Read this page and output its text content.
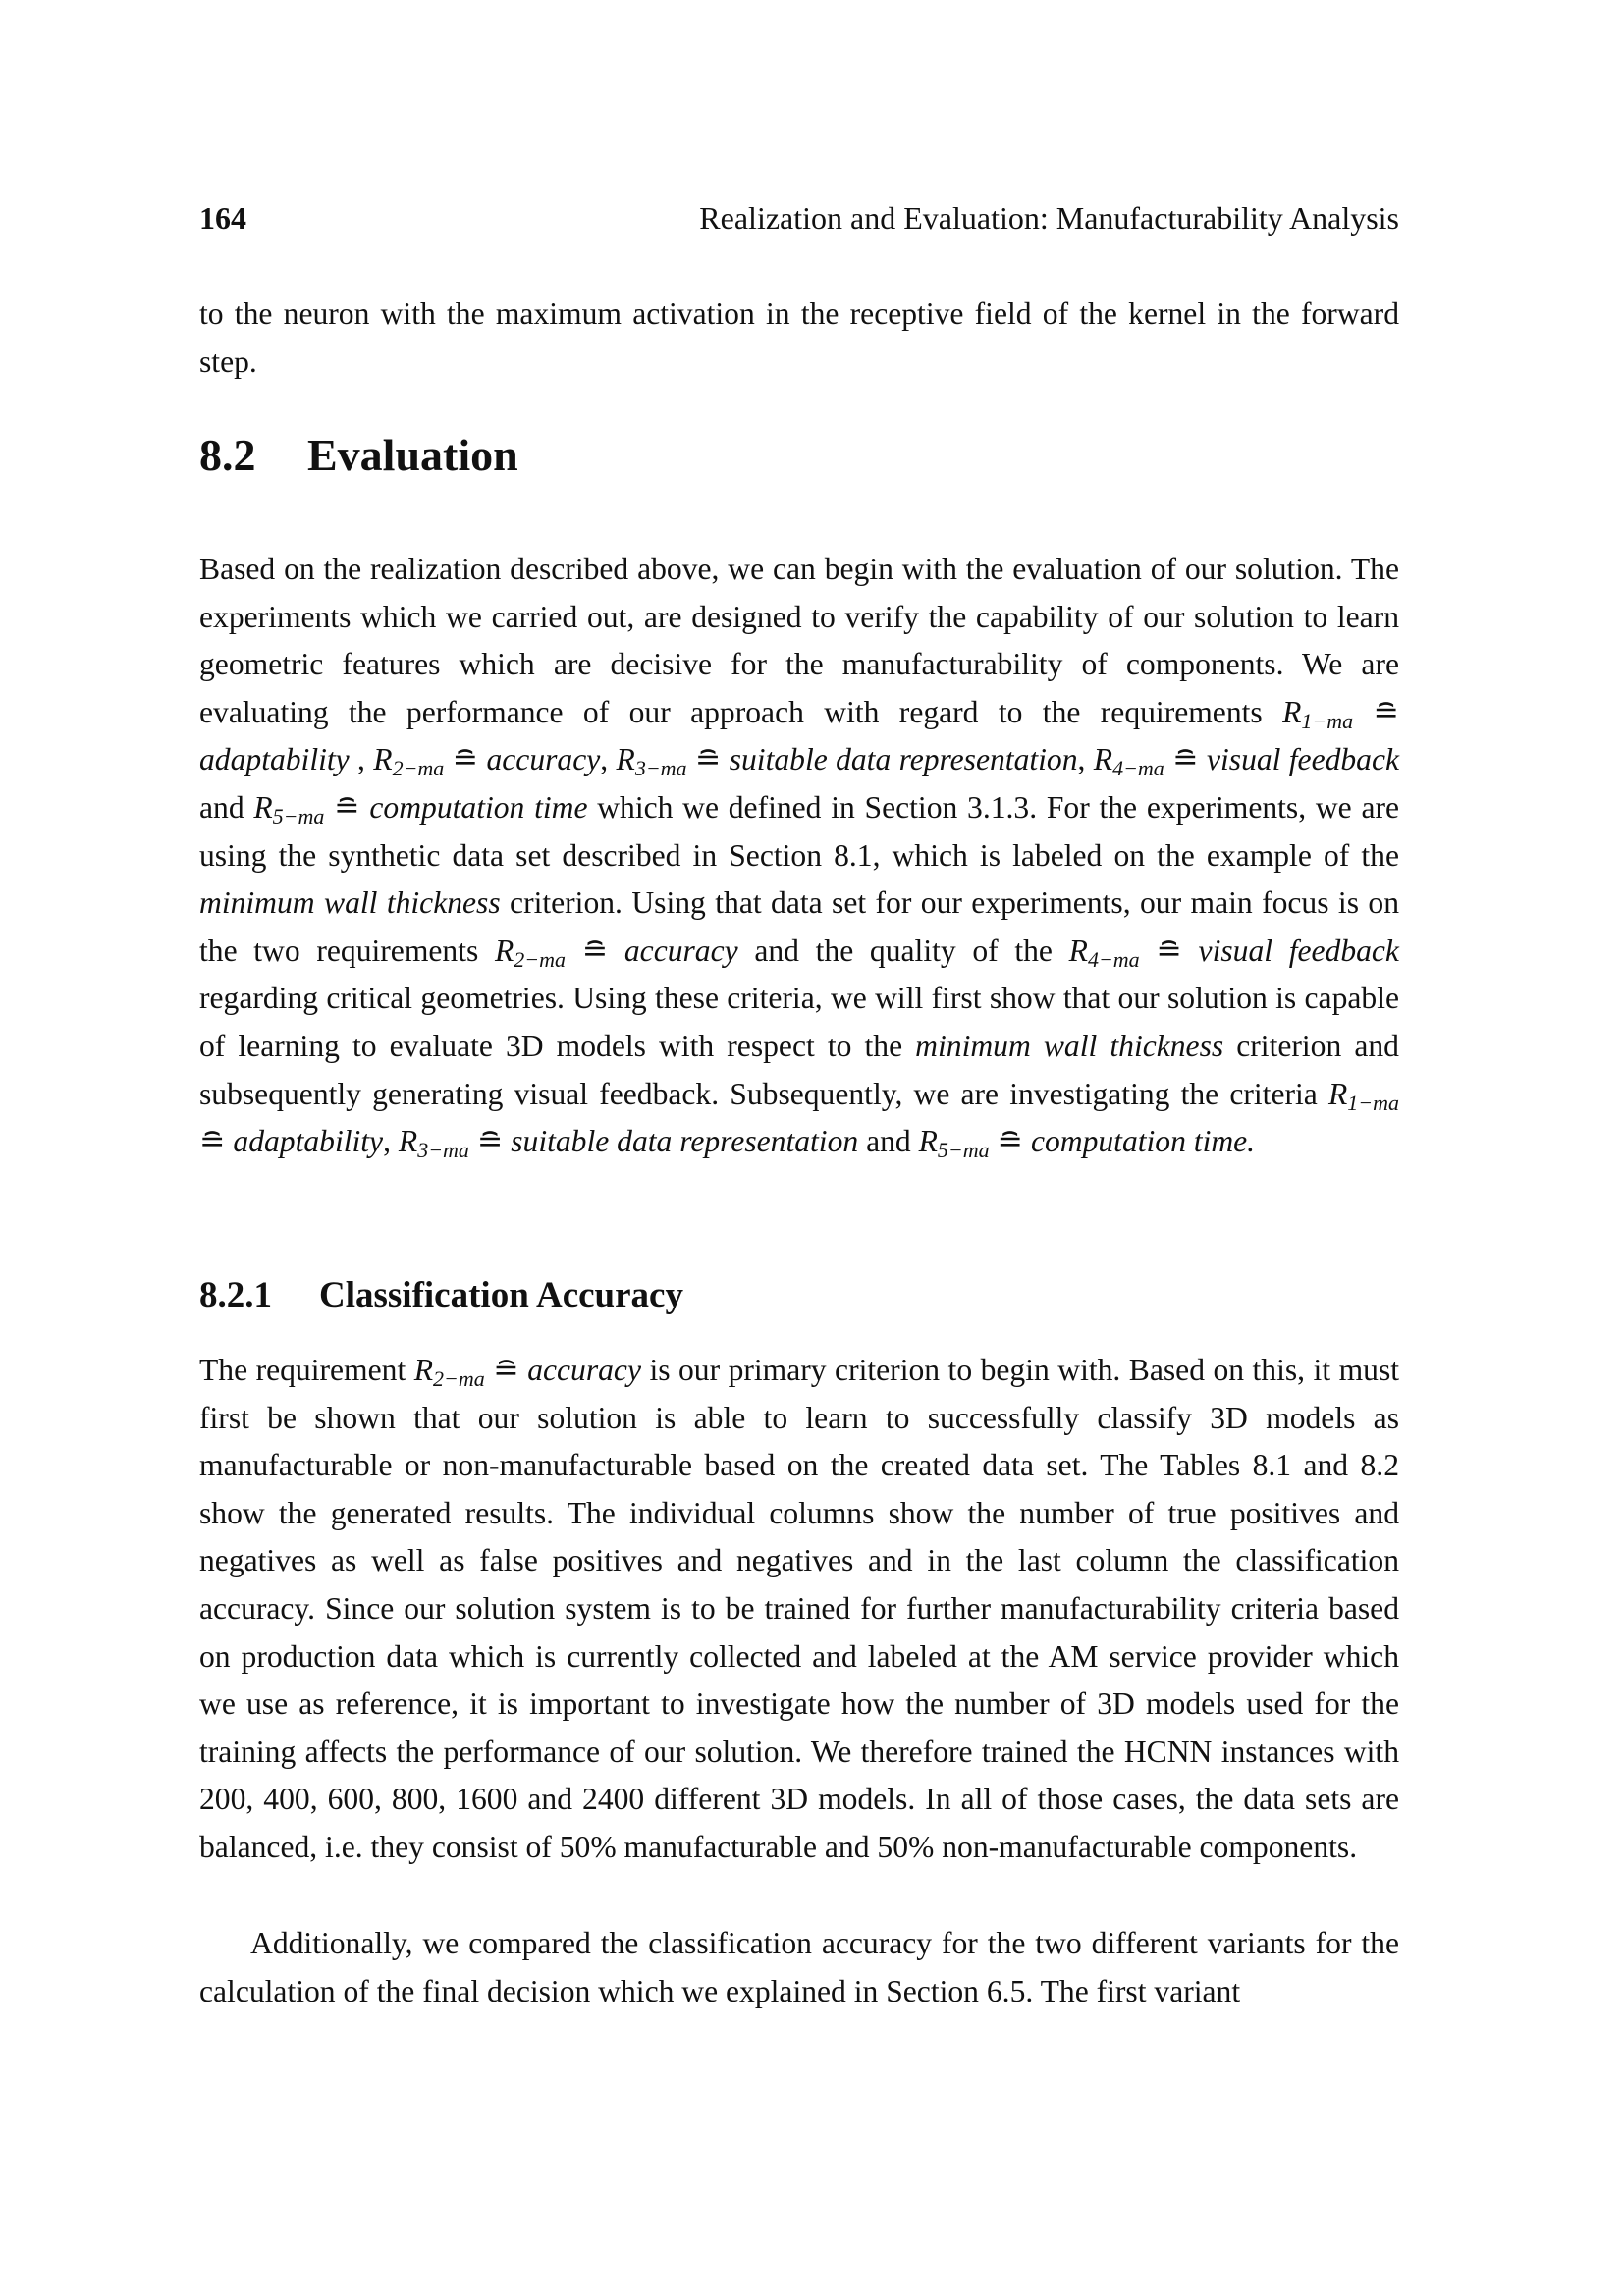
164	Realization and Evaluation: Manufacturability Analysis

to the neuron with the maximum activation in the receptive field of the kernel in the forward step.

8.2 Evaluation

Based on the realization described above, we can begin with the evaluation of our solution. The experiments which we carried out, are designed to verify the capability of our solution to learn geometric features which are decisive for the manufacturability of components. We are evaluating the performance of our approach with regard to the requirements $R_{1-ma}$ ≘ adaptability , $R_{2-ma}$ ≘ accuracy, $R_{3-ma}$ ≘ suitable data representation, $R_{4-ma}$ ≘ visual feedback and $R_{5-ma}$ ≘ computation time which we defined in Section 3.1.3. For the experiments, we are using the synthetic data set described in Section 8.1, which is labeled on the example of the minimum wall thickness criterion. Using that data set for our experiments, our main focus is on the two requirements $R_{2-ma}$ ≘ accuracy and the quality of the $R_{4-ma}$ ≘ visual feedback regarding critical geometries. Using these criteria, we will first show that our solution is capable of learning to evaluate 3D models with respect to the minimum wall thickness criterion and subsequently generating visual feedback. Subsequently, we are investigating the criteria $R_{1-ma}$ ≘ adaptability, $R_{3-ma}$ ≘ suitable data representation and $R_{5-ma}$ ≘ computation time.

8.2.1 Classification Accuracy

The requirement $R_{2-ma}$ ≘ accuracy is our primary criterion to begin with. Based on this, it must first be shown that our solution is able to learn to successfully classify 3D models as manufacturable or non-manufacturable based on the created data set. The Tables 8.1 and 8.2 show the generated results. The individual columns show the number of true positives and negatives as well as false positives and negatives and in the last column the classification accuracy. Since our solution system is to be trained for further manufacturability criteria based on production data which is currently collected and labeled at the AM service provider which we use as reference, it is important to investigate how the number of 3D models used for the training affects the performance of our solution. We therefore trained the HCNN instances with 200, 400, 600, 800, 1600 and 2400 different 3D models. In all of those cases, the data sets are balanced, i.e. they consist of 50% manufacturable and 50% non-manufacturable components.

Additionally, we compared the classification accuracy for the two different variants for the calculation of the final decision which we explained in Section 6.5. The first variant
